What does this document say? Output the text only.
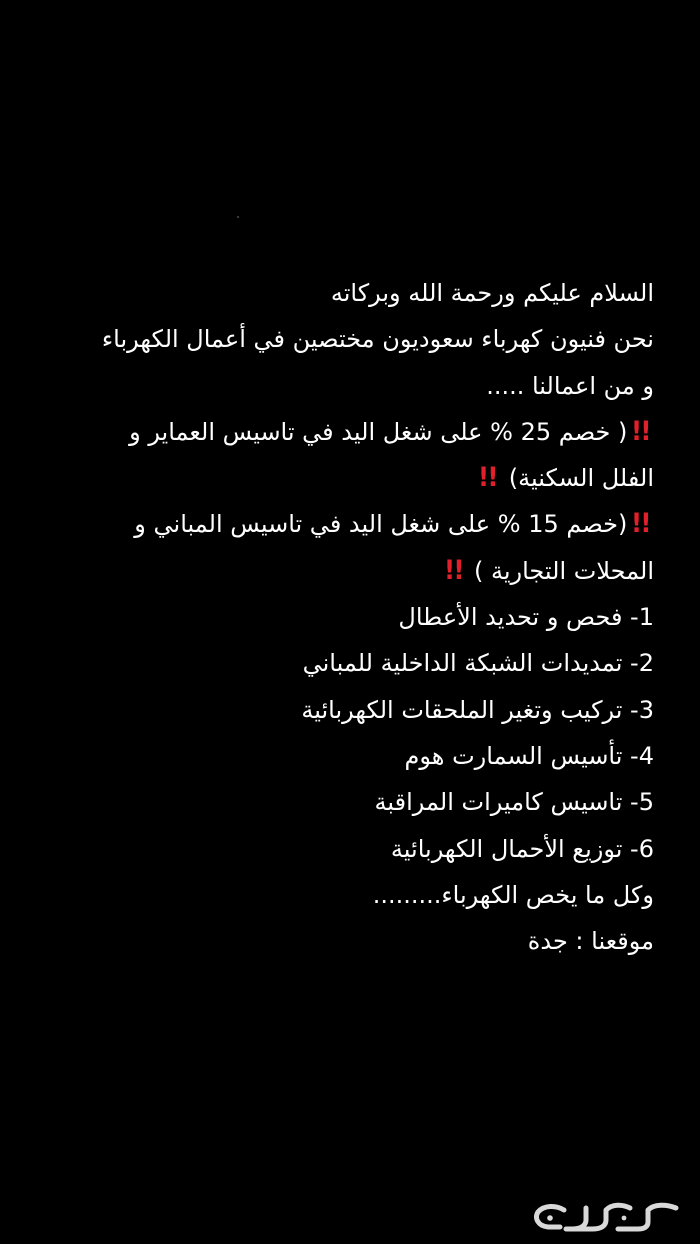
السلام عليكم ورحمة الله وبركاته
نحن فنيون كهرباء سعوديون مختصين في أعمال الكهرباء
و من اعمالنا .....
!!( خصم 25 % على شغل اليد في تاسيس العماير و
الفلل السكنية) !!
!!(خصم 15 % على شغل اليد في تاسيس المباني و
المحلات التجارية ) !!
1- فحص و تحديد الأعطال
2- تمديدات الشبكة الداخلية للمباني
3- تركيب وتغير الملحقات الكهربائية
4- تأسيس السمارت هوم
5- تاسيس كاميرات المراقبة
6- توزيع الأحمال الكهربائية
وكل ما يخص الكهرباء.........
موقعنا : جدة
